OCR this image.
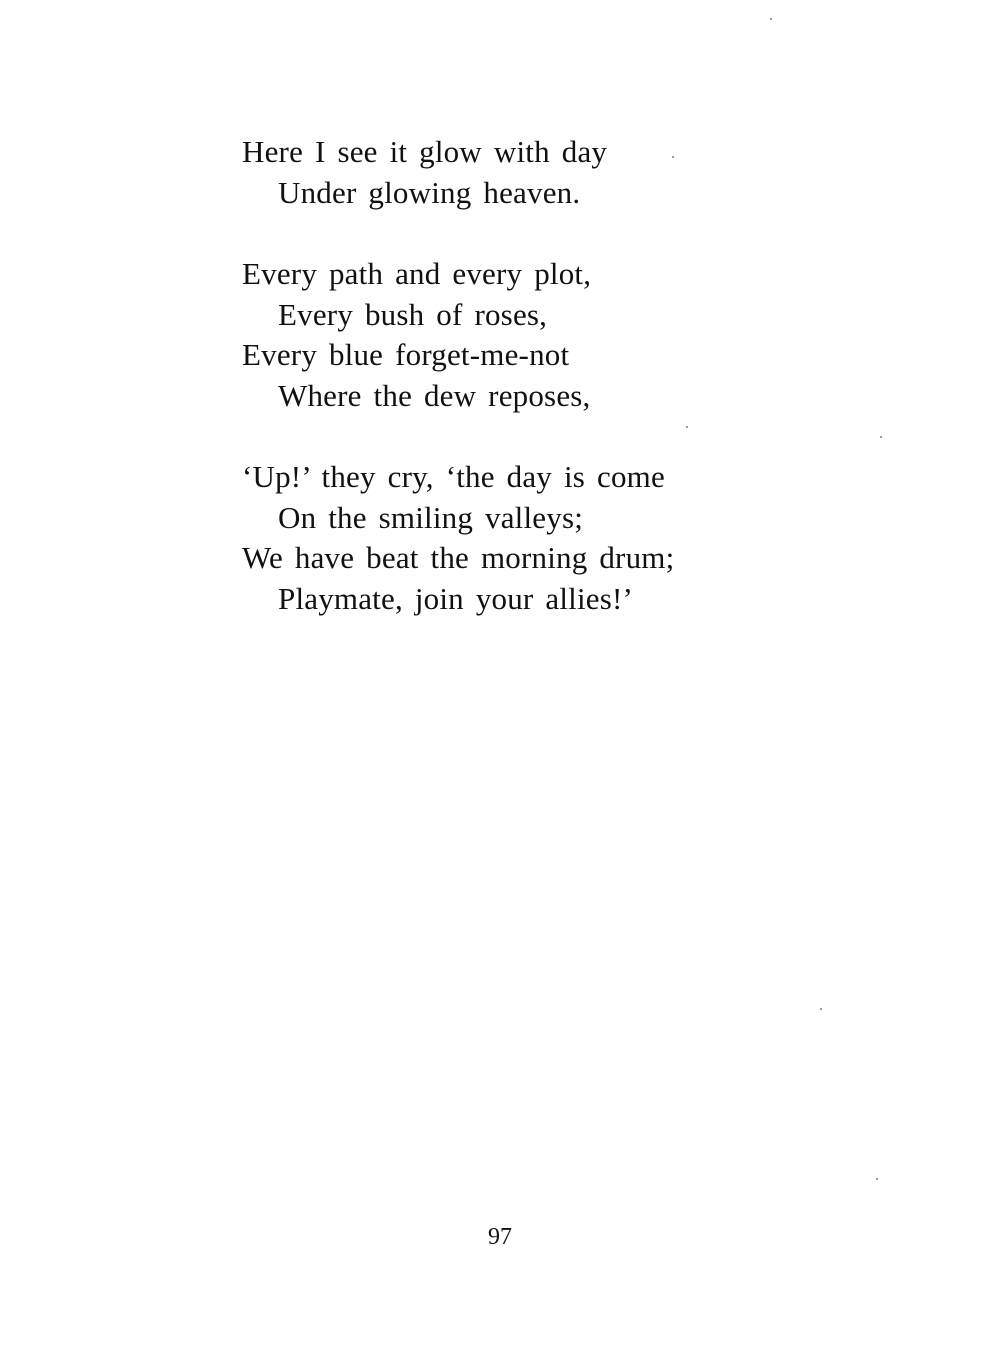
Here I see it glow with day
Under glowing heaven.
Every path and every plot,
Every bush of roses,
Every blue forget-me-not
Where the dew reposes,
‘Up!’ they cry, ‘the day is come
On the smiling valleys;
We have beat the morning drum;
Playmate, join your allies!’
97
